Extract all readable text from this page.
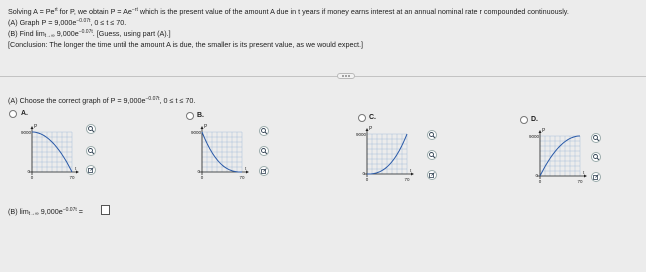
Solving $A = Pe^{rt}$ for P, we obtain $P = Ae^{-rt}$ which is the present value of the amount A due in t years if money earns interest at an annual nominal rate r compounded continuously.
(A) Graph $P = 9,000e^{-0.07t}$, 0 ≤ t ≤ 70.
(B) Find $\lim_{t\to\infty} 9,000e^{-0.07t}$. [Guess, using part (A).]
[Conclusion: The longer the time until the amount A is due, the smaller is its present value, as we would expect.]
(A) Choose the correct graph of $P = 9,000e^{-0.07t}$, 0 ≤ t ≤ 70.
A.
P
9000
0
0	70
t
B.
P
9000
0
0	70
t
C.
P
9000
0
0	70
t
D.
P
9000
0
0	70
t
(B) $\lim_{t\to\infty} 9,000e^{-0.07t}$ =
